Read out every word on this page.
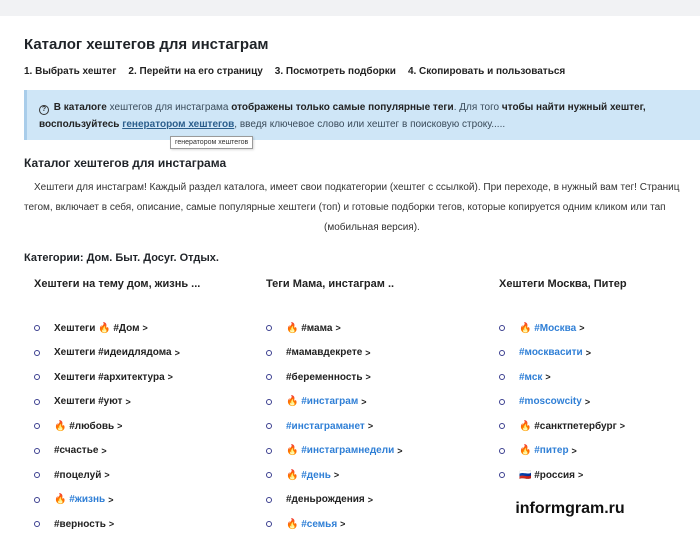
Каталог хештегов для инстаграм
1. Выбрать хештег 2. Перейти на его страницу 3. Посмотреть подборки 4. Скопировать и пользоваться
? В каталоге хештегов для инстаграма отображены только самые популярные теги. Для того чтобы найти нужный хештег, воспользуйтесь генератором хештегов, введя ключевое слово или хештег в поисковую строку.....
генератором хештегов
Каталог хештегов для инстаграма
Хештеги для инстаграм! Каждый раздел каталога, имеет свои подкатегории (хештег с ссылкой). При переходе, в нужный вам тег! Страниц
тегом, включает в себя, описание, самые популярные хештеги (топ) и готовые подборки тегов, которые копируется одним кликом или тап
(мобильная версия).
Категории: Дом. Быт. Досуг. Отдых.
Хештеги на тему дом, жизнь ...
Хештеги 🔥 #Дом >
Хештеги #идеидлядома >
Хештеги #архитектура >
Хештеги #уют >
🔥 #любовь >
#счастье >
#поцелуй >
🔥 #жизнь >
#верность >
Теги Мама, инстаграм ..
🔥 #мама >
#мамавдекрете >
#беременность >
🔥 #инстаграм >
#инстаграманет >
🔥 #инстаграмнедели >
🔥 #день >
#деньрождения >
🔥 #семья >
Хештеги Москва, Питер
🔥 #Москва >
#москвасити >
#мск >
#moscowcity >
🔥 #санктпетербург >
🔥 #питер >
🇷🇺 #россия >
informgram.ru
